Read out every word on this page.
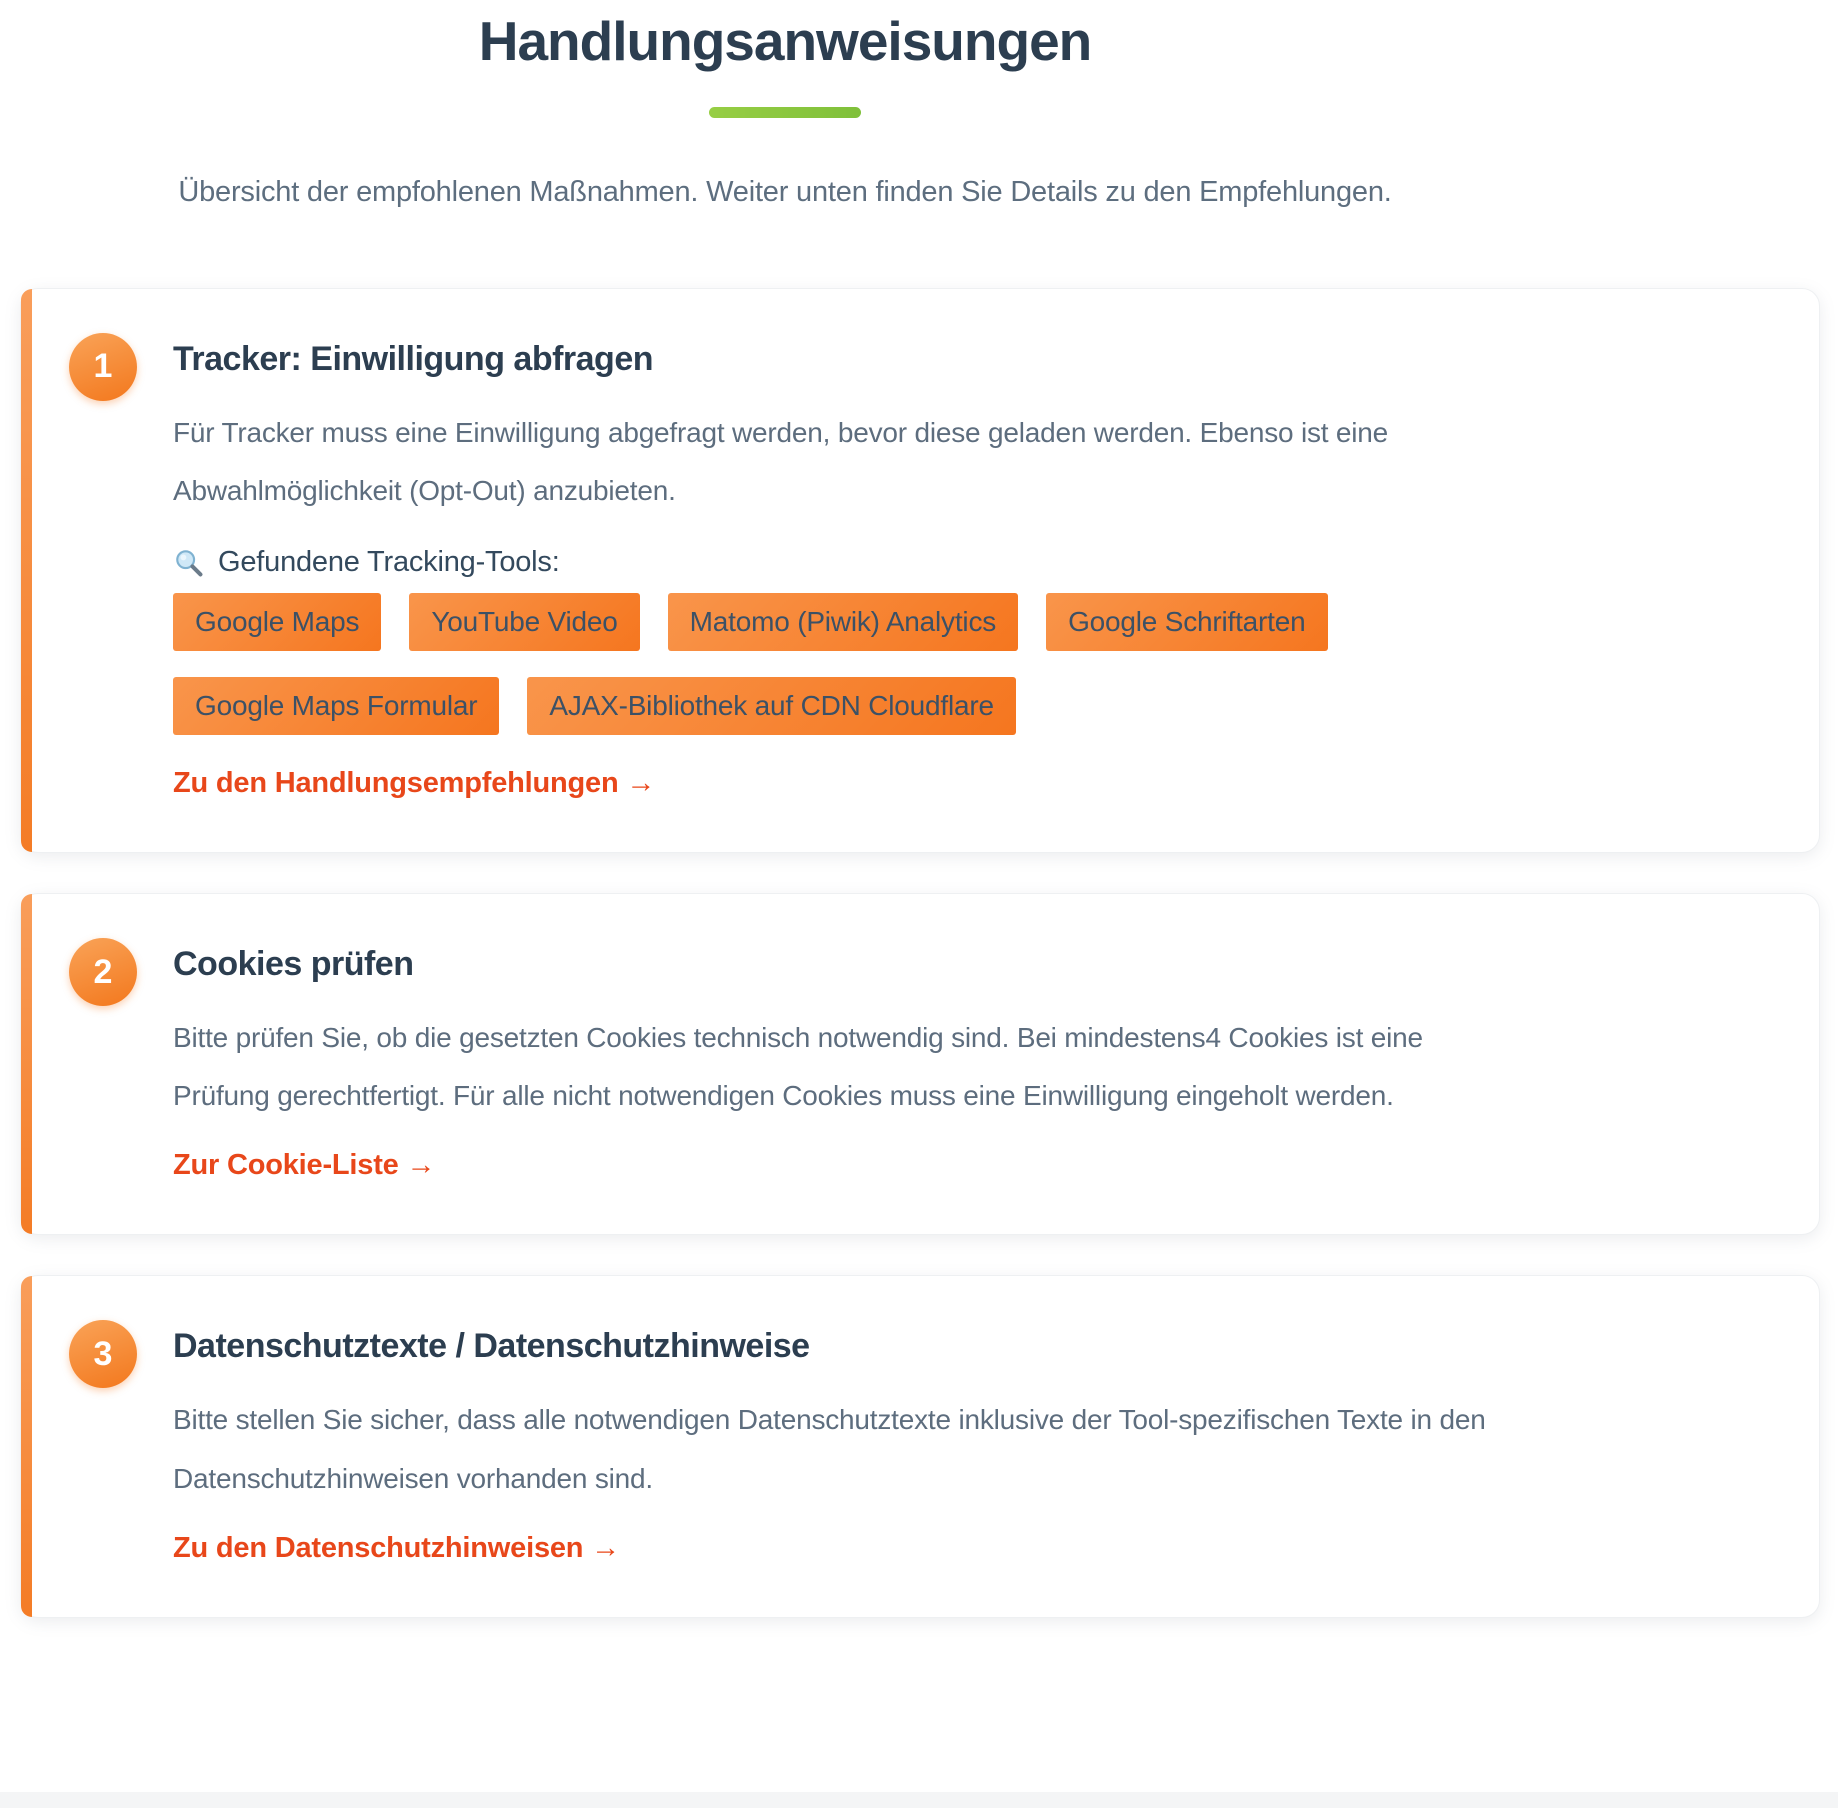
Handlungsanweisungen

Übersicht der empfohlenen Maßnahmen. Weiter unten finden Sie Details zu den Empfehlungen.

1	Tracker: Einwilligung abfragen

Für Tracker muss eine Einwilligung abgefragt werden, bevor diese geladen werden. Ebenso ist eine Abwahlmöglichkeit (Opt-Out) anzubieten.

Gefundene Tracking-Tools:
Google Maps	YouTube Video	Matomo (Piwik) Analytics	Google Schriftarten
Google Maps Formular	AJAX-Bibliothek auf CDN Cloudflare
Zu den Handlungsempfehlungen →
2	Cookies prüfen

Bitte prüfen Sie, ob die gesetzten Cookies technisch notwendig sind. Bei mindestens4 Cookies ist eine Prüfung gerechtfertigt. Für alle nicht notwendigen Cookies muss eine Einwilligung eingeholt werden.

Zur Cookie-Liste →
3	Datenschutztexte / Datenschutzhinweise

Bitte stellen Sie sicher, dass alle notwendigen Datenschutztexte inklusive der Tool-spezifischen Texte in den Datenschutzhinweisen vorhanden sind.

Zu den Datenschutzhinweisen →
